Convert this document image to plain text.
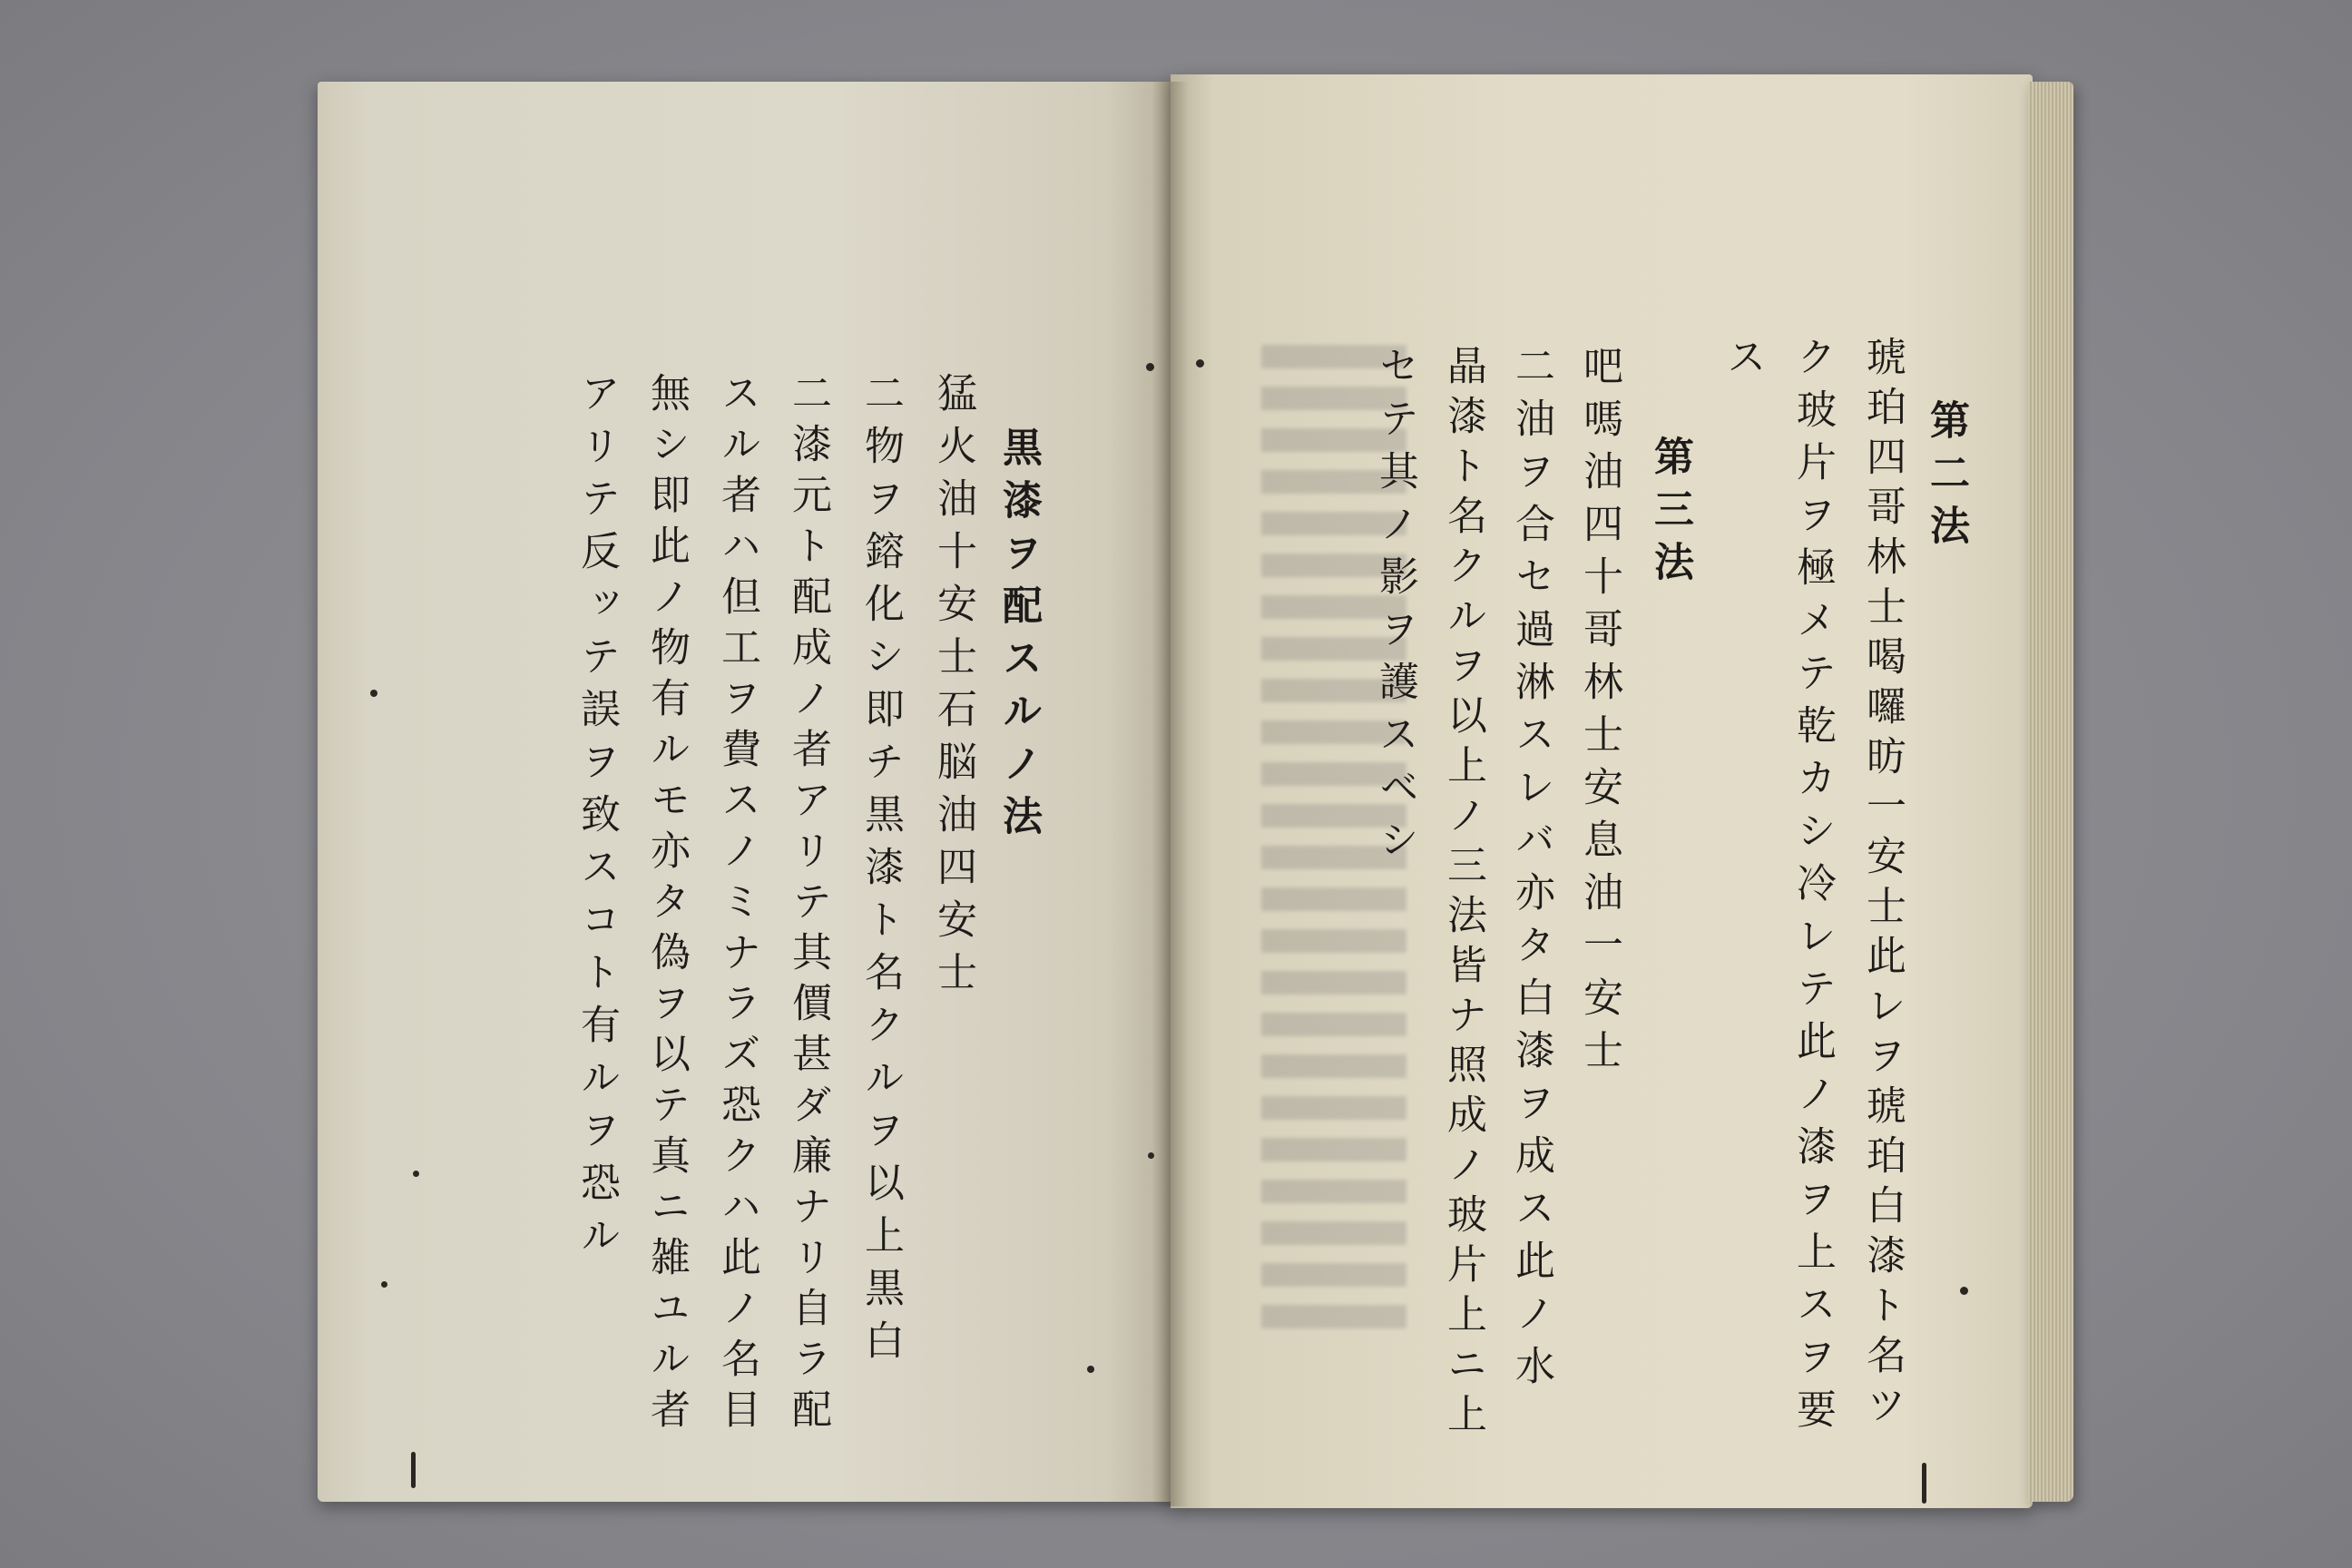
第二法
琥珀四哥林士喝囉昉一安士此レヲ琥珀白漆ト名ツ
ク玻片ヲ極メテ乾カシ冷レテ此ノ漆ヲ上スヲ要
ス
第三法
吧嗎油四十哥林士安息油一安士
二油ヲ合セ過淋スレバ亦タ白漆ヲ成ス此ノ水
晶漆ト名クルヲ以上ノ三法皆ナ照成ノ玻片上ニ上
セテ其ノ影ヲ護スベシ
黒漆ヲ配スルノ法
猛火油十安士石脳油四安士
二物ヲ鎔化シ即チ黒漆ト名クルヲ以上黒白
二漆元ト配成ノ者アリテ其價甚ダ廉ナリ自ラ配
スル者ハ但工ヲ費スノミナラズ恐クハ此ノ名目
無シ即此ノ物有ルモ亦タ偽ヲ以テ真ニ雑ユル者
アリテ反ッテ誤ヲ致スコト有ルヲ恐ル
